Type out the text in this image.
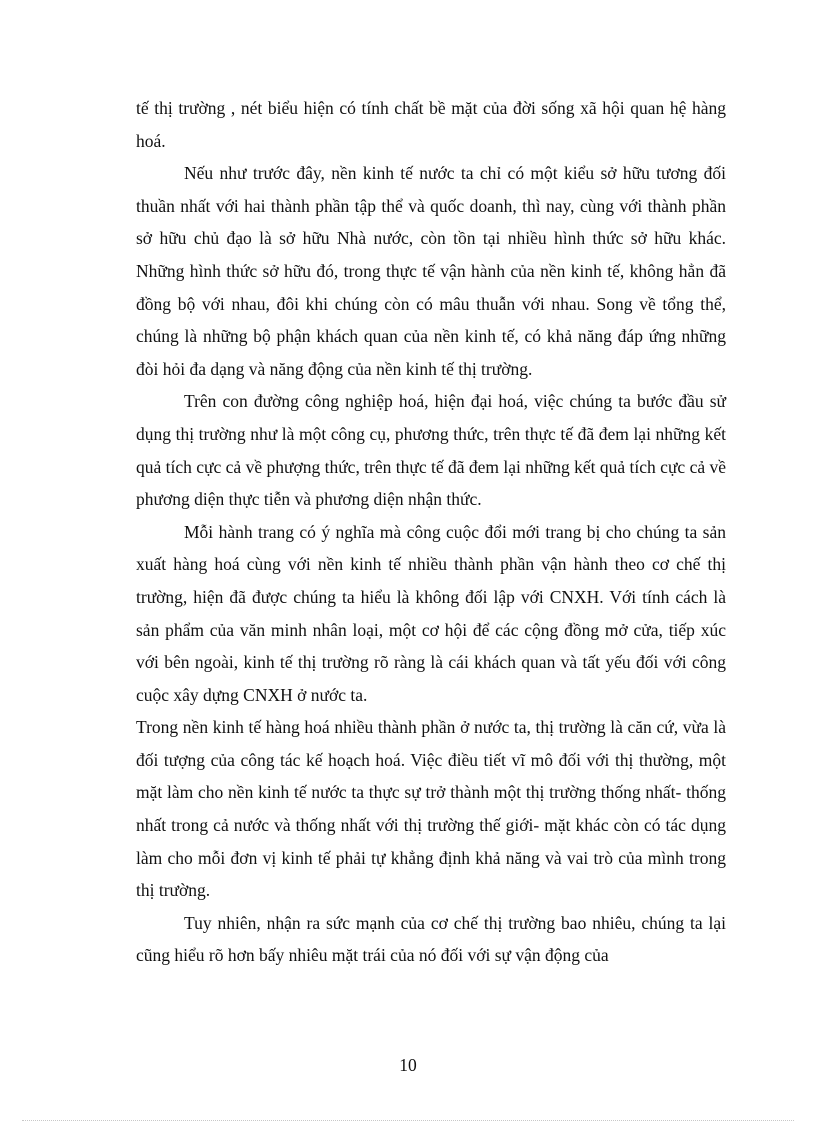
tế thị trường , nét biểu hiện có tính chất bề mặt của đời sống xã hội quan hệ hàng hoá.

Nếu như trước đây, nền kinh tế nước ta chỉ có một kiểu sở hữu tương đối thuần nhất với hai thành phần tập thể và quốc doanh, thì nay, cùng với thành phần sở hữu chủ đạo là sở hữu Nhà nước, còn tồn tại nhiều hình thức sở hữu khác. Những hình thức sở hữu đó, trong thực tế vận hành của nền kinh tế, không hẳn đã đồng bộ với nhau, đôi khi chúng còn có mâu thuẫn với nhau. Song về tổng thể, chúng là những bộ phận khách quan của nền kinh tế, có khả năng đáp ứng những đòi hỏi đa dạng và năng động của nền kinh tế thị trường.

Trên con đường công nghiệp hoá, hiện đại hoá, việc chúng ta bước đầu sử dụng thị trường như là một công cụ, phương thức, trên thực tế đã đem lại những kết quả tích cực cả về phượng thức, trên thực tế đã đem lại những kết quả tích cực cả về phương diện thực tiễn và phương diện nhận thức.

Mỗi hành trang có ý nghĩa mà công cuộc đổi mới trang bị cho chúng ta sản xuất hàng hoá cùng với nền kinh tế nhiều thành phần vận hành theo cơ chế thị trường, hiện đã được chúng ta hiểu là không đối lập với CNXH. Với tính cách là sản phẩm của văn minh nhân loại, một cơ hội để các cộng đồng mở cửa, tiếp xúc với bên ngoài, kinh tế thị trường rõ ràng là cái khách quan và tất yếu đối với công cuộc xây dựng CNXH ở nước ta.

Trong nền kinh tế hàng hoá nhiều thành phần ở nước ta, thị trường là căn cứ, vừa là đối tượng của công tác kế hoạch hoá. Việc điều tiết vĩ mô đối với thị thường, một mặt làm cho nền kinh tế nước ta thực sự trở thành một thị trường thống nhất- thống nhất trong cả nước và thống nhất với thị trường thế giới- mặt khác còn có tác dụng làm cho mỗi đơn vị kinh tế phải tự khẳng định khả năng và vai trò của mình trong thị trường.

Tuy nhiên, nhận ra sức mạnh của cơ chế thị trường bao nhiêu, chúng ta lại cũng hiểu rõ hơn bấy nhiêu mặt trái của nó đối với sự vận động của

10
